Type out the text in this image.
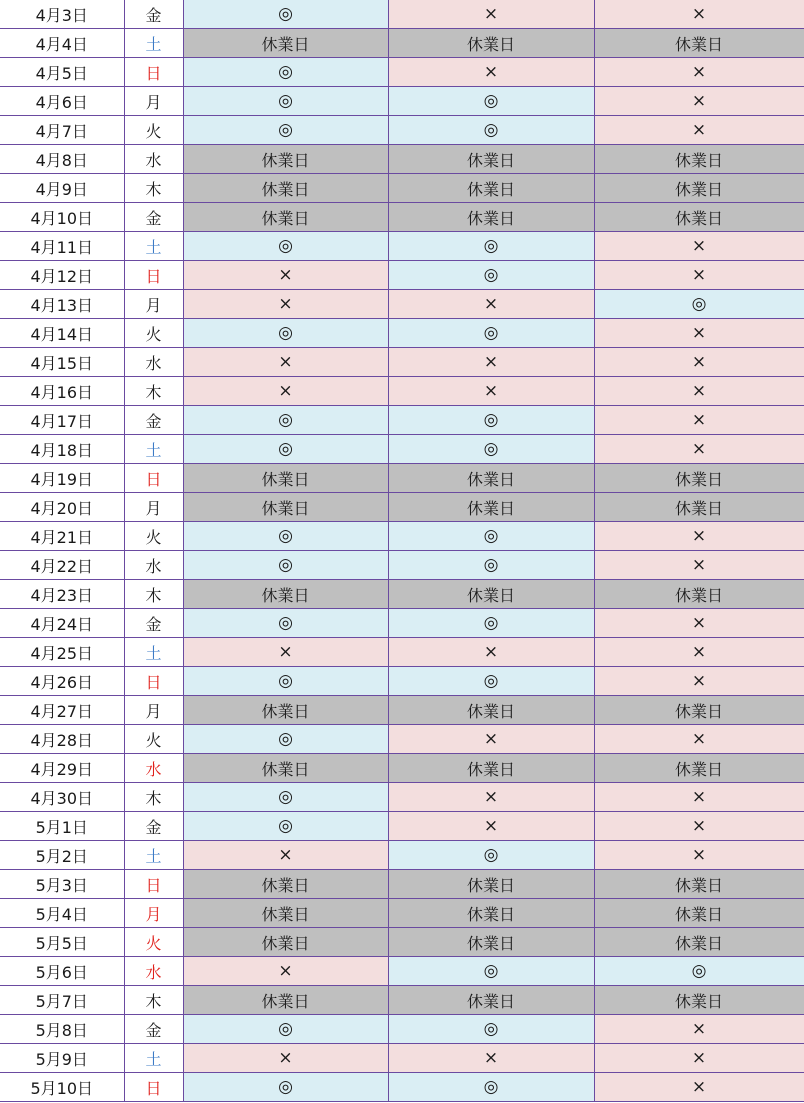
4月3日	金	◎	×	×
4月4日	土	休業日	休業日	休業日
4月5日	日	◎	×	×
4月6日	月	◎	◎	×
4月7日	火	◎	◎	×
4月8日	水	休業日	休業日	休業日
4月9日	木	休業日	休業日	休業日
4月10日	金	休業日	休業日	休業日
4月11日	土	◎	◎	×
4月12日	日	×	◎	×
4月13日	月	×	×	◎
4月14日	火	◎	◎	×
4月15日	水	×	×	×
4月16日	木	×	×	×
4月17日	金	◎	◎	×
4月18日	土	◎	◎	×
4月19日	日	休業日	休業日	休業日
4月20日	月	休業日	休業日	休業日
4月21日	火	◎	◎	×
4月22日	水	◎	◎	×
4月23日	木	休業日	休業日	休業日
4月24日	金	◎	◎	×
4月25日	土	×	×	×
4月26日	日	◎	◎	×
4月27日	月	休業日	休業日	休業日
4月28日	火	◎	×	×
4月29日	水	休業日	休業日	休業日
4月30日	木	◎	×	×
5月1日	金	◎	×	×
5月2日	土	×	◎	×
5月3日	日	休業日	休業日	休業日
5月4日	月	休業日	休業日	休業日
5月5日	火	休業日	休業日	休業日
5月6日	水	×	◎	◎
5月7日	木	休業日	休業日	休業日
5月8日	金	◎	◎	×
5月9日	土	×	×	×
5月10日	日	◎	◎	×
